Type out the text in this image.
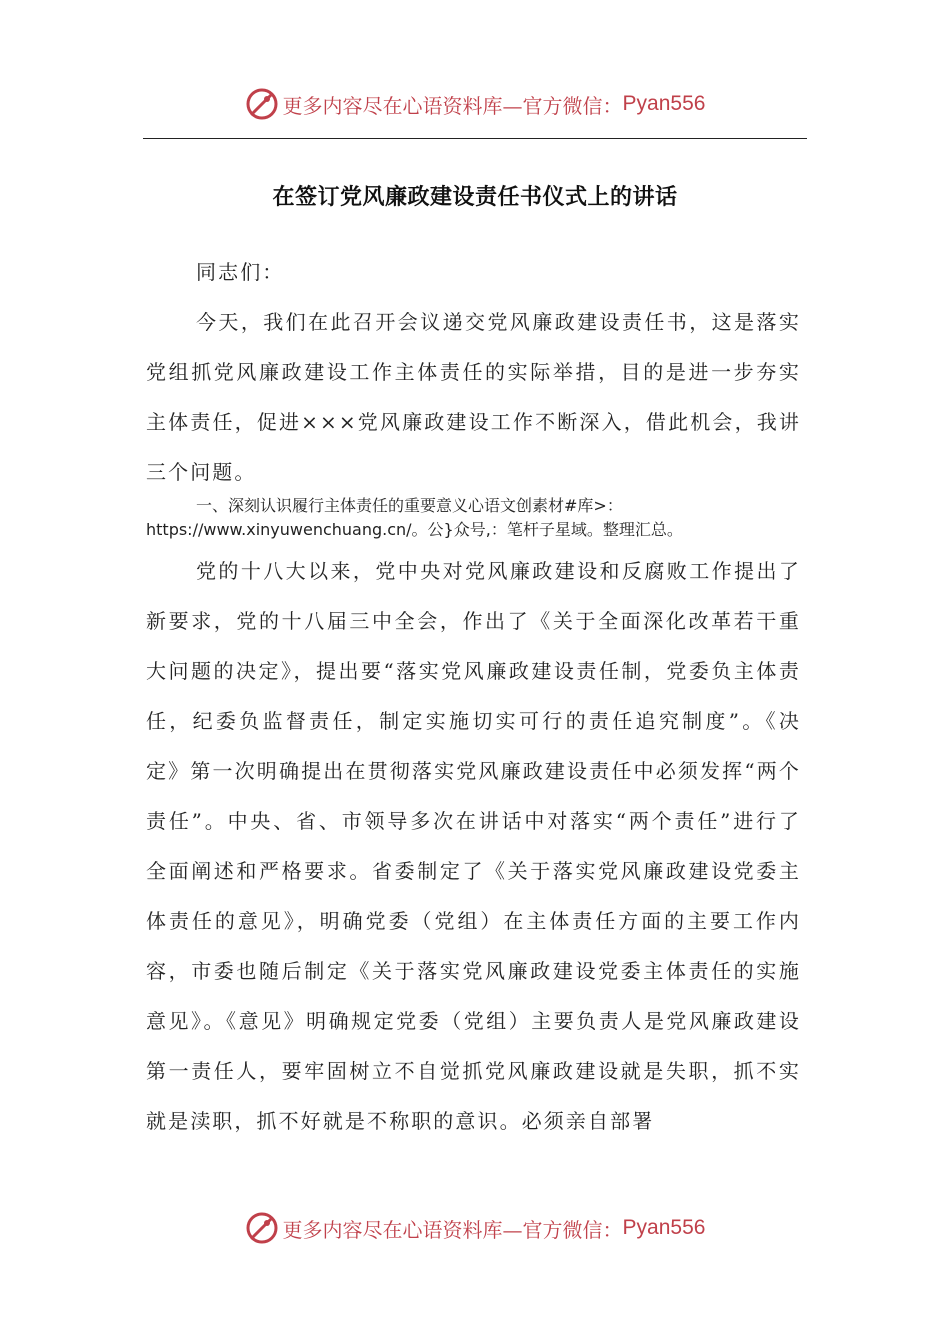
更多内容尽在心语资料库— 官方微信： Pyan556
在签订党风廉政建设责任书仪式上的讲话
同志们：
今天，我们在此召开会议递交党风廉政建设责任书，这是落实党组抓党风廉政建设工作主体责任的实际举措，目的是进一步夯实主体责任，促进×××党风廉政建设工作不断深入，借此机会，我讲三个问题。
一、深刻认识履行主体责任的重要意义心语文创素材#库>：https://www.xinyuwenchuang.cn/。公}众号,：笔杆子星域。整理汇总。
党的十八大以来，党中央对党风廉政建设和反腐败工作提出了新要求，党的十八届三中全会，作出了《关于全面深化改革若干重大问题的决定》，提出要“落实党风廉政建设责任制，党委负主体责任，纪委负监督责任，制定实施切实可行的责任追究制度”。《决定》第一次明确提出在贯彻落实党风廉政建设责任中必须发挥“两个责任”。中央、省、市领导多次在讲话中对落实“两个责任”进行了全面阐述和严格要求。省委制定了《关于落实党风廉政建设党委主体责任的意见》，明确党委（党组）在主体责任方面的主要工作内容，市委也随后制定《关于落实党风廉政建设党委主体责任的实施意见》。《意见》明确规定党委（党组）主要负责人是党风廉政建设第一责任人，要牢固树立不自觉抓党风廉政建设就是失职，抓不实就是渎职，抓不好就是不称职的意识。必须亲自部署
更多内容尽在心语资料库— 官方微信： Pyan556
